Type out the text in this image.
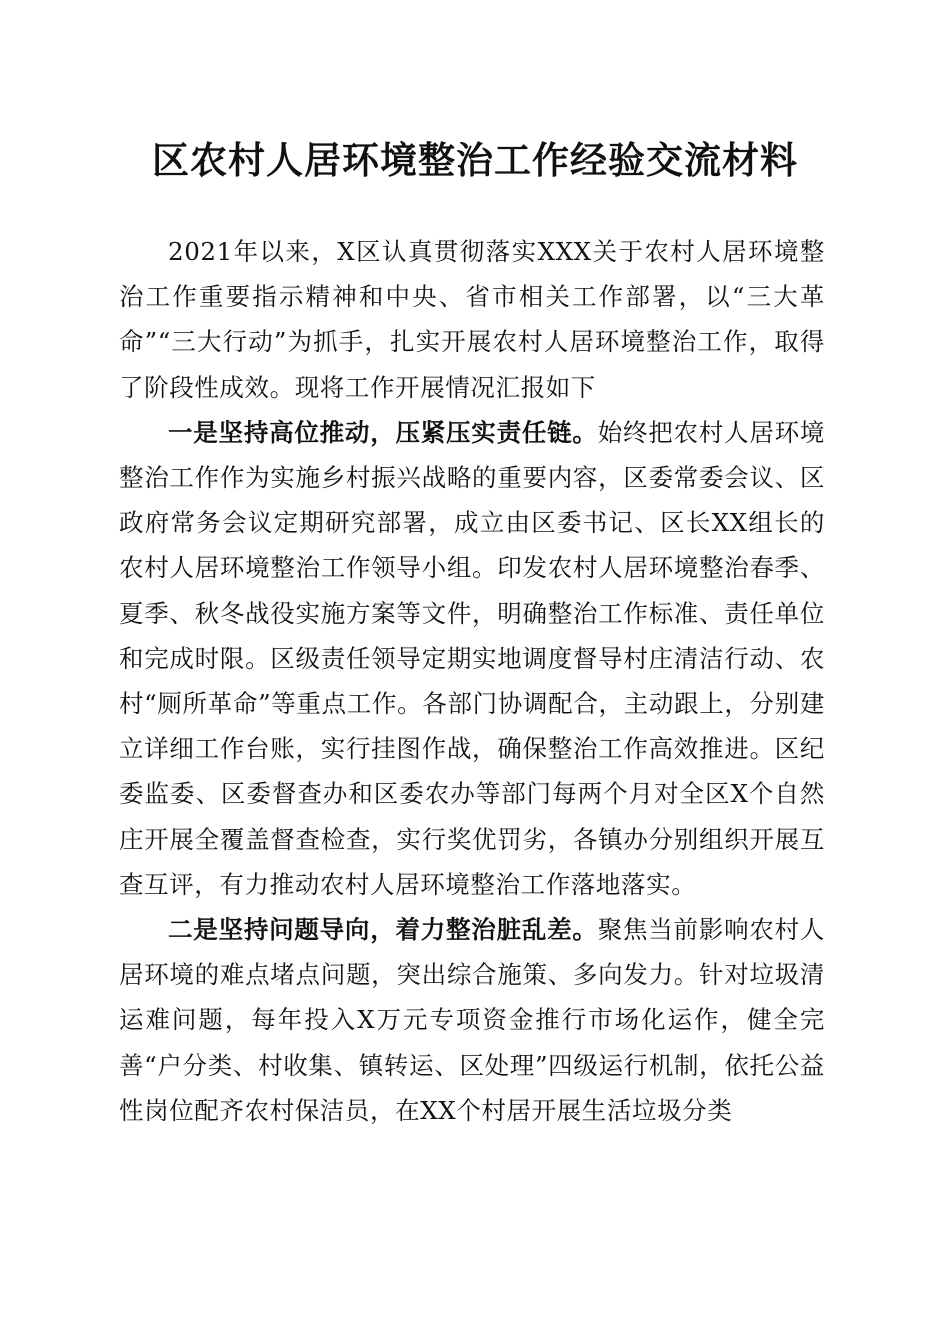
区农村人居环境整治工作经验交流材料

2021年以来，X区认真贯彻落实XXX关于农村人居环境整治工作重要指示精神和中央、省市相关工作部署，以“三大革命”“三大行动”为抓手，扎实开展农村人居环境整治工作，取得了阶段性成效。现将工作开展情况汇报如下

一是坚持高位推动，压紧压实责任链。始终把农村人居环境整治工作作为实施乡村振兴战略的重要内容，区委常委会议、区政府常务会议定期研究部署，成立由区委书记、区长XX组长的农村人居环境整治工作领导小组。印发农村人居环境整治春季、夏季、秋冬战役实施方案等文件，明确整治工作标准、责任单位和完成时限。区级责任领导定期实地调度督导村庄清洁行动、农村“厕所革命”等重点工作。各部门协调配合，主动跟上，分别建立详细工作台账，实行挂图作战，确保整治工作高效推进。区纪委监委、区委督查办和区委农办等部门每两个月对全区X个自然庄开展全覆盖督查检查，实行奖优罚劣，各镇办分别组织开展互查互评，有力推动农村人居环境整治工作落地落实。

二是坚持问题导向，着力整治脏乱差。聚焦当前影响农村人居环境的难点堵点问题，突出综合施策、多向发力。针对垃圾清运难问题，每年投入X万元专项资金推行市场化运作，健全完善“户分类、村收集、镇转运、区处理”四级运行机制，依托公益性岗位配齐农村保洁员，在XX个村居开展生活垃圾分类
